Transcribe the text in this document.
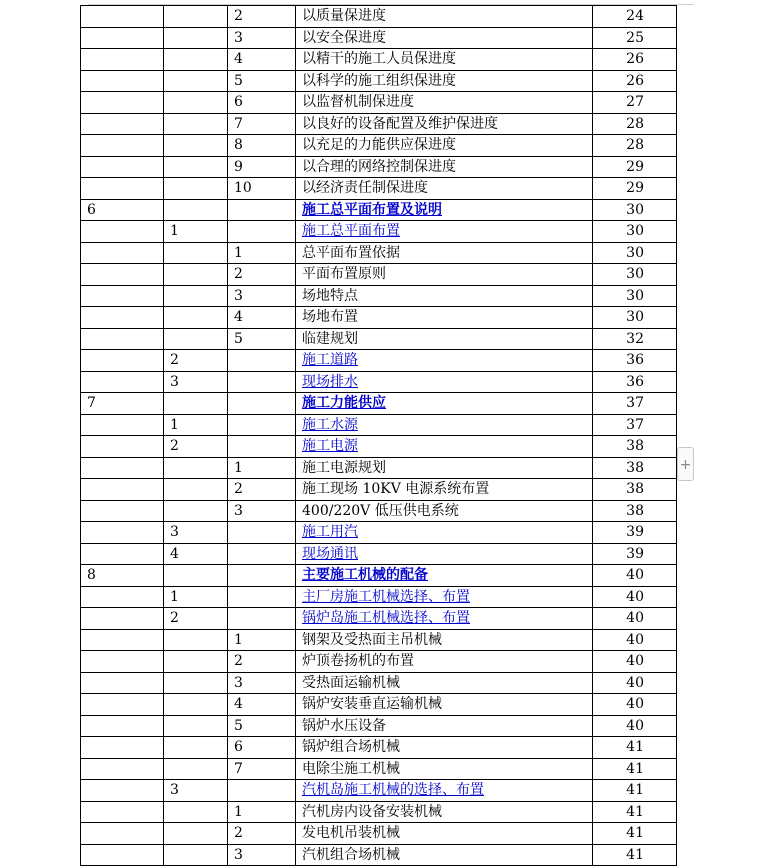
		2	以质量保进度	24
		3	以安全保进度	25
		4	以精干的施工人员保进度	26
		5	以科学的施工组织保进度	26
		6	以监督机制保进度	27
		7	以良好的设备配置及维护保进度	28
		8	以充足的力能供应保进度	28
		9	以合理的网络控制保进度	29
		10	以经济责任制保进度	29
6			施工总平面布置及说明	30
	1		施工总平面布置	30
		1	总平面布置依据	30
		2	平面布置原则	30
		3	场地特点	30
		4	场地布置	30
		5	临建规划	32
	2		施工道路	36
	3		现场排水	36
7			施工力能供应	37
	1		施工水源	37
	2		施工电源	38
		1	施工电源规划	38
		2	施工现场 10KV 电源系统布置	38
		3	400/220V 低压供电系统	38
	3		施工用汽	39
	4		现场通讯	39
8			主要施工机械的配备	40
	1		主厂房施工机械选择、布置	40
	2		锅炉岛施工机械选择、布置	40
		1	钢架及受热面主吊机械	40
		2	炉顶卷扬机的布置	40
		3	受热面运输机械	40
		4	锅炉安装垂直运输机械	40
		5	锅炉水压设备	40
		6	锅炉组合场机械	41
		7	电除尘施工机械	41
	3		汽机岛施工机械的选择、布置	41
		1	汽机房内设备安装机械	41
		2	发电机吊装机械	41
		3	汽机组合场机械	41
+
